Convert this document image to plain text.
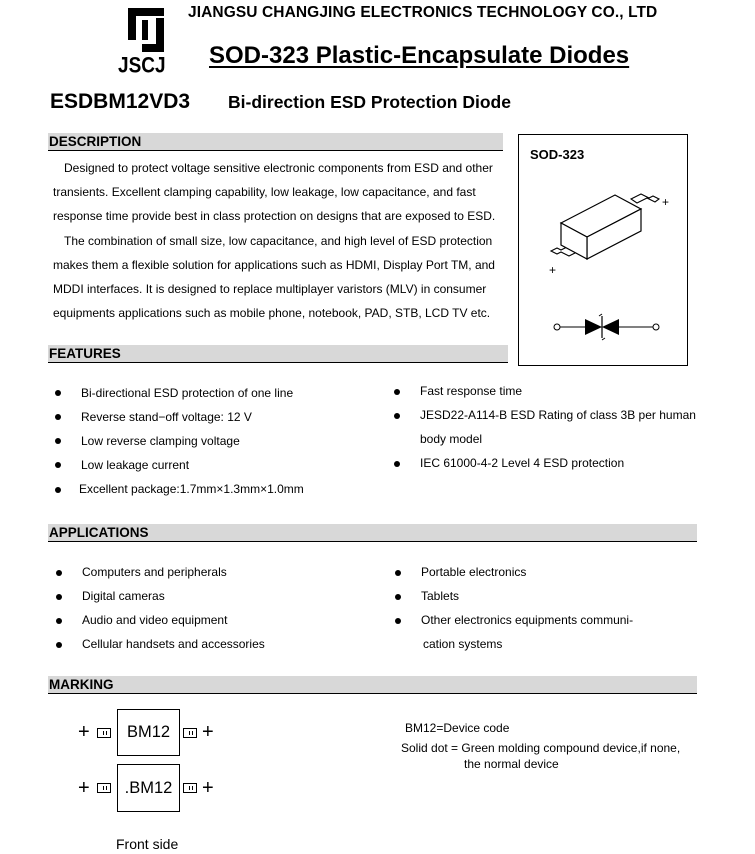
JSCJ
JIANGSU CHANGJING ELECTRONICS TECHNOLOGY CO., LTD
SOD-323 Plastic-Encapsulate Diodes
ESDBM12VD3 Bi-direction ESD Protection Diode
DESCRIPTION
Designed to protect voltage sensitive electronic components from ESD and other
transients. Excellent clamping capability, low leakage, low capacitance, and fast
response time provide best in class protection on designs that are exposed to ESD.
The combination of small size, low capacitance, and high level of ESD protection
makes them a flexible solution for applications such as HDMI, Display Port TM, and
MDDI interfaces. It is designed to replace multiplayer varistors (MLV) in consumer
equipments applications such as mobile phone, notebook, PAD, STB, LCD TV etc.
SOD-323
+
+
FEATURES
Bi-directional ESD protection of one line
Reverse stand−off voltage: 12 V
Low reverse clamping voltage
Low leakage current
Excellent package:1.7mm×1.3mm×1.0mm
Fast response time
JESD22-A114-B ESD Rating of class 3B per human
body model
IEC 61000-4-2 Level 4 ESD protection
APPLICATIONS
Computers and peripherals
Digital cameras
Audio and video equipment
Cellular handsets and accessories
Portable electronics
Tablets
Other electronics equipments communi-
cation systems
MARKING
+	BM12	+
+	.BM12	+
Front side
BM12=Device code
Solid dot = Green molding compound device,if none,
the normal device
